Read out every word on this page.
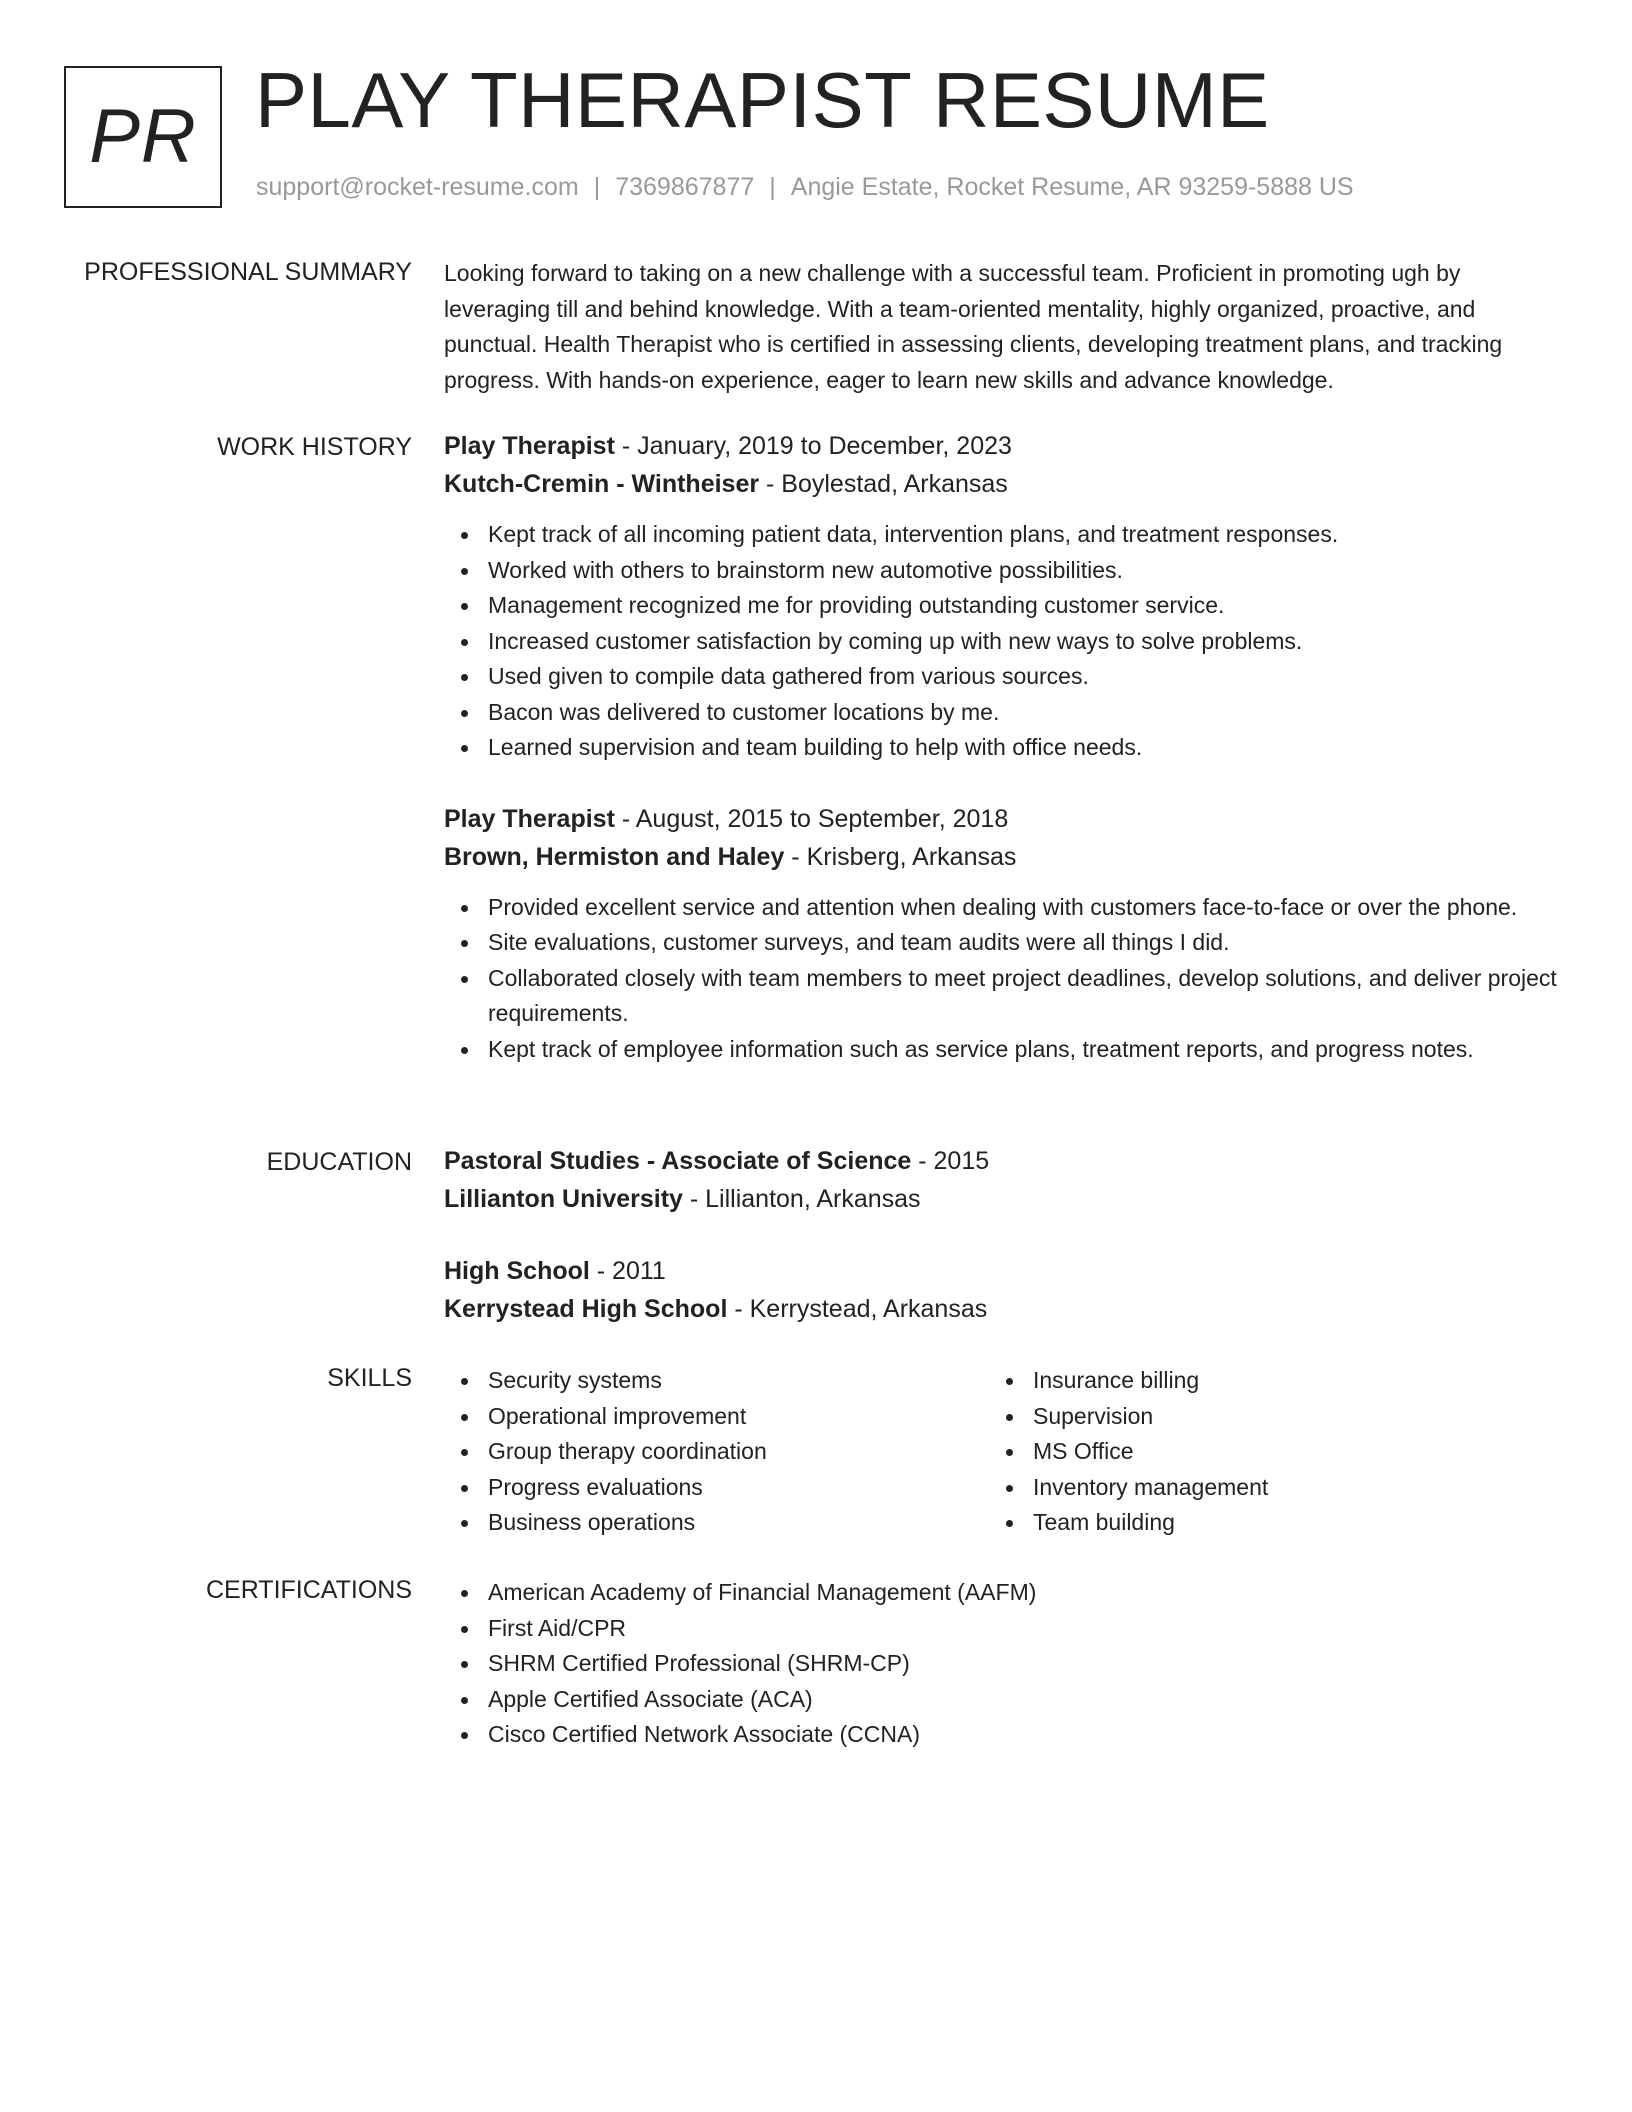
PR PLAY THERAPIST RESUME
support@rocket-resume.com | 7369867877 | Angie Estate, Rocket Resume, AR 93259-5888 US
PROFESSIONAL SUMMARY Looking forward to taking on a new challenge with a successful team. Proficient in promoting ugh by leveraging till and behind knowledge. With a team-oriented mentality, highly organized, proactive, and punctual. Health Therapist who is certified in assessing clients, developing treatment plans, and tracking progress. With hands-on experience, eager to learn new skills and advance knowledge.

WORK HISTORY Play Therapist - January, 2019 to December, 2023
Kutch-Cremin - Wintheiser - Boylestad, Arkansas
Kept track of all incoming patient data, intervention plans, and treatment responses.
Worked with others to brainstorm new automotive possibilities.
Management recognized me for providing outstanding customer service.
Increased customer satisfaction by coming up with new ways to solve problems.
Used given to compile data gathered from various sources.
Bacon was delivered to customer locations by me.
Learned supervision and team building to help with office needs.
Play Therapist - August, 2015 to September, 2018
Brown, Hermiston and Haley - Krisberg, Arkansas
Provided excellent service and attention when dealing with customers face-to-face or over the phone.
Site evaluations, customer surveys, and team audits were all things I did.
Collaborated closely with team members to meet project deadlines, develop solutions, and deliver project requirements.
Kept track of employee information such as service plans, treatment reports, and progress notes.
EDUCATION Pastoral Studies - Associate of Science - 2015
Lillianton University - Lillianton, Arkansas
High School - 2011
Kerrystead High School - Kerrystead, Arkansas
SKILLS	Security systems
Operational improvement
Group therapy coordination
Progress evaluations
Business operations
Insurance billing
Supervision
MS Office
Inventory management
Team building
CERTIFICATIONS	American Academy of Financial Management (AAFM)
First Aid/CPR
SHRM Certified Professional (SHRM-CP)
Apple Certified Associate (ACA)
Cisco Certified Network Associate (CCNA)
